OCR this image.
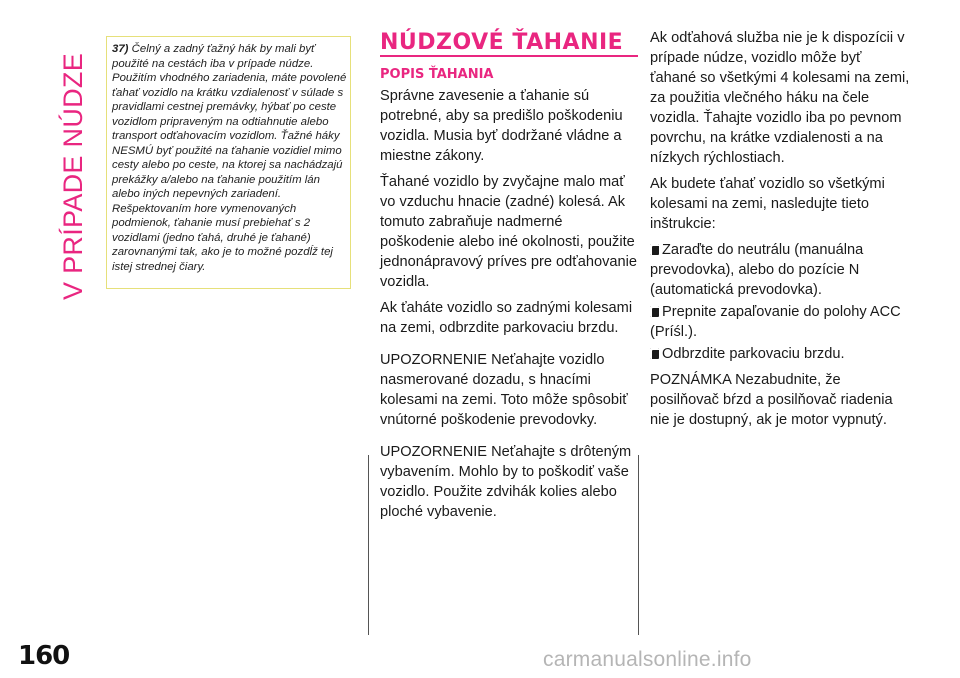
V PRÍPADE NÚDZE
37) Čelný a zadný ťažný hák by mali byť použité na cestách iba v prípade núdze. Použitím vhodného zariadenia, máte povolené ťahať vozidlo na krátku vzdialenosť v súlade s pravidlami cestnej premávky, hýbať po ceste vozidlom pripraveným na odtiahnutie alebo transport odťahovacím vozidlom. Ťažné háky NESMÚ byť použité na ťahanie vozidiel mimo cesty alebo po ceste, na ktorej sa nachádzajú prekážky a/alebo na ťahanie použitím lán alebo iných nepevných zariadení. Rešpektovaním hore vymenovaných podmienok, ťahanie musí prebiehať s 2 vozidlami (jedno ťahá, druhé je ťahané) zarovnanými tak, ako je to možné pozdĺž tej istej strednej čiary.
NÚDZOVÉ ŤAHANIE
POPIS ŤAHANIA

Správne zavesenie a ťahanie sú potrebné, aby sa predišlo poškodeniu vozidla. Musia byť dodržané vládne a miestne zákony.

Ťahané vozidlo by zvyčajne malo mať vo vzduchu hnacie (zadné) kolesá. Ak tomuto zabraňuje nadmerné poškodenie alebo iné okolnosti, použite jednonápravový príves pre odťahovanie vozidla.

Ak ťaháte vozidlo so zadnými kolesami na zemi, odbrzdite parkovaciu brzdu.

UPOZORNENIE Neťahajte vozidlo nasmerované dozadu, s hnacími kolesami na zemi. Toto môže spôsobiť vnútorné poškodenie prevodovky.

UPOZORNENIE Neťahajte s drôteným vybavením. Mohlo by to poškodiť vaše vozidlo. Použite zdvihák kolies alebo ploché vybavenie.

Ak odťahová služba nie je k dispozícii v prípade núdze, vozidlo môže byť ťahané so všetkými 4 kolesami na zemi, za použitia vlečného háku na čele vozidla. Ťahajte vozidlo iba po pevnom povrchu, na krátke vzdialenosti a na nízkych rýchlostiach.

Ak budete ťahať vozidlo so všetkými kolesami na zemi, nasledujte tieto inštrukcie:

Zaraďte do neutrálu (manuálna prevodovka), alebo do pozície N (automatická prevodovka).
Prepnite zapaľovanie do polohy ACC (Príśl.).
Odbrzdite parkovaciu brzdu.

POZNÁMKA Nezabudnite, že posilňovač bŕzd a posilňovač riadenia nie je dostupný, ak je motor vypnutý.

160	carmanualsonline.info
